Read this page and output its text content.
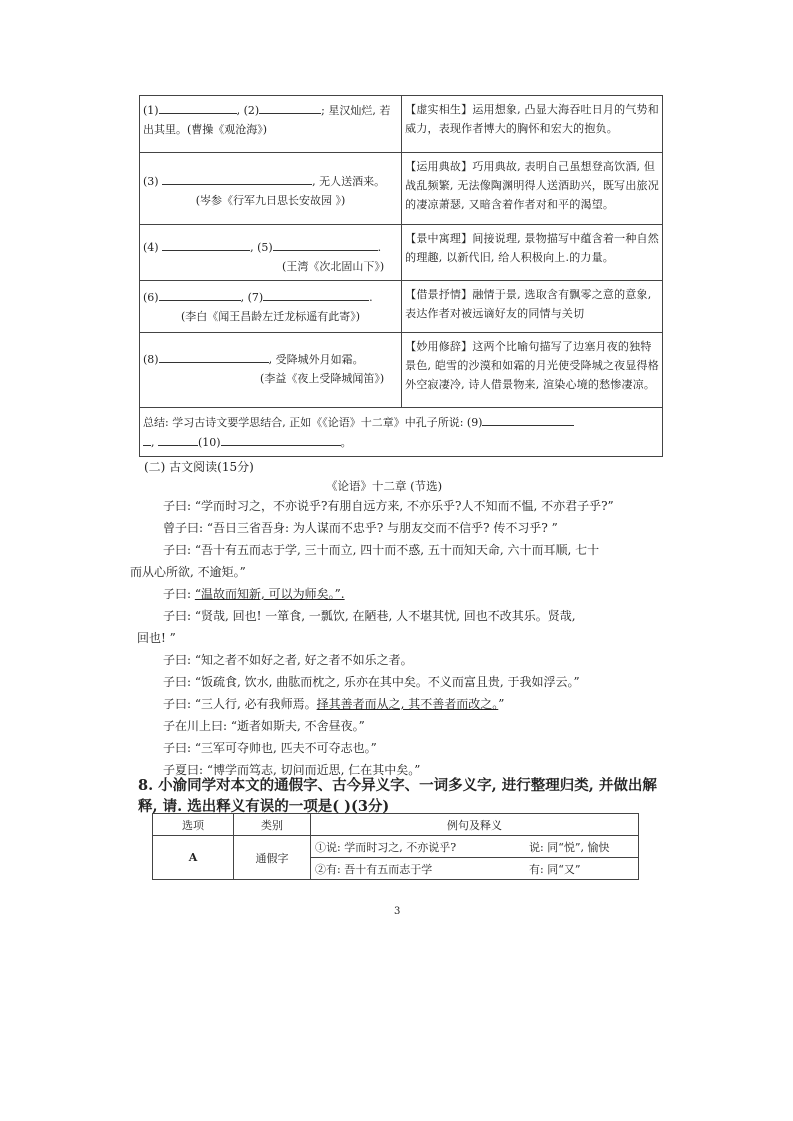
(1) , (2) ; 星汉灿烂, 若
出其里。(曹操《观沧海》)	【虚实相生】运用想象, 凸显大海吞吐日月的气势和威力，表现作者博大的胸怀和宏大的抱负。

(3) , 无人送酒来。
(岑参《行军九日思长安故园 》)	【运用典故】巧用典故, 表明自己虽想登高饮酒, 但战乱频繁, 无法像陶渊明得人送酒助兴，既写出旅况的凄凉萧瑟, 又暗含着作者对和平的渴望。

(4) , (5) .
(王湾《次北固山下》)	【景中寓理】间接说理, 景物描写中蕴含着一种自然的理趣, 以新代旧, 给人积极向上.的力量。

(6) , (7) .
(李白《闻王昌龄左迁龙标遥有此寄》)	【借景抒情】融情于景, 选取含有飘零之意的意象, 表达作者对被远谪好友的同情与关切

(8) , 受降城外月如霜。
(李益《夜上受降城闻笛》)	【妙用修辞】这两个比喻句描写了边塞月夜的独特景色, 皑雪的沙漠和如霜的月光使受降城之夜显得格外空寂凄冷, 诗人借景物来, 渲染心境的愁惨凄凉。
总结: 学习古诗文要学思结合, 正如《《论语》十二章》中孔子所说: (9)
, (10) 。	
(二) 古文阅读(15分)
《论语》十二章 (节选)
子曰: “学而时习之，不亦说乎?有朋自远方来, 不亦乐乎?人不知而不愠, 不亦君子乎?”
曾子曰: “吾日三省吾身: 为人谋而不忠乎? 与朋友交而不信乎? 传不习乎? ”
子曰: “吾十有五而志于学, 三十而立, 四十而不惑, 五十而知天命, 六十而耳顺, 七十
而从心所欲, 不逾矩。”
子曰: “温故而知新, 可以为师矣。”.
子曰: “贤哉, 回也! 一箪食, 一瓢饮, 在陋巷, 人不堪其忧, 回也不改其乐。贤哉,
回也! ”
子曰: “知之者不如好之者, 好之者不如乐之者。
子曰: “饭疏食, 饮水, 曲肱而枕之, 乐亦在其中矣。不义而富且贵, 于我如浮云。”
子曰: “三人行, 必有我师焉。择其善者而从之, 其不善者而改之。”
子在川上曰: “逝者如斯夫, 不舍昼夜。”
子曰: “三军可夺帅也, 匹夫不可夺志也。”
子夏曰: “博学而笃志, 切问而近思, 仁在其中矣。”
8. 小渝同学对本文的通假字、古今异义字、一词多义字, 进行整理归类, 并做出解
释, 请. 选出释义有误的一项是( )(3分)
选项	类别	例句及释义
A	通假字	①说: 学而时习之, 不亦说乎? 说: 同“悦”, 愉快
		②有: 吾十有五而志于学 有: 同“又”
3
